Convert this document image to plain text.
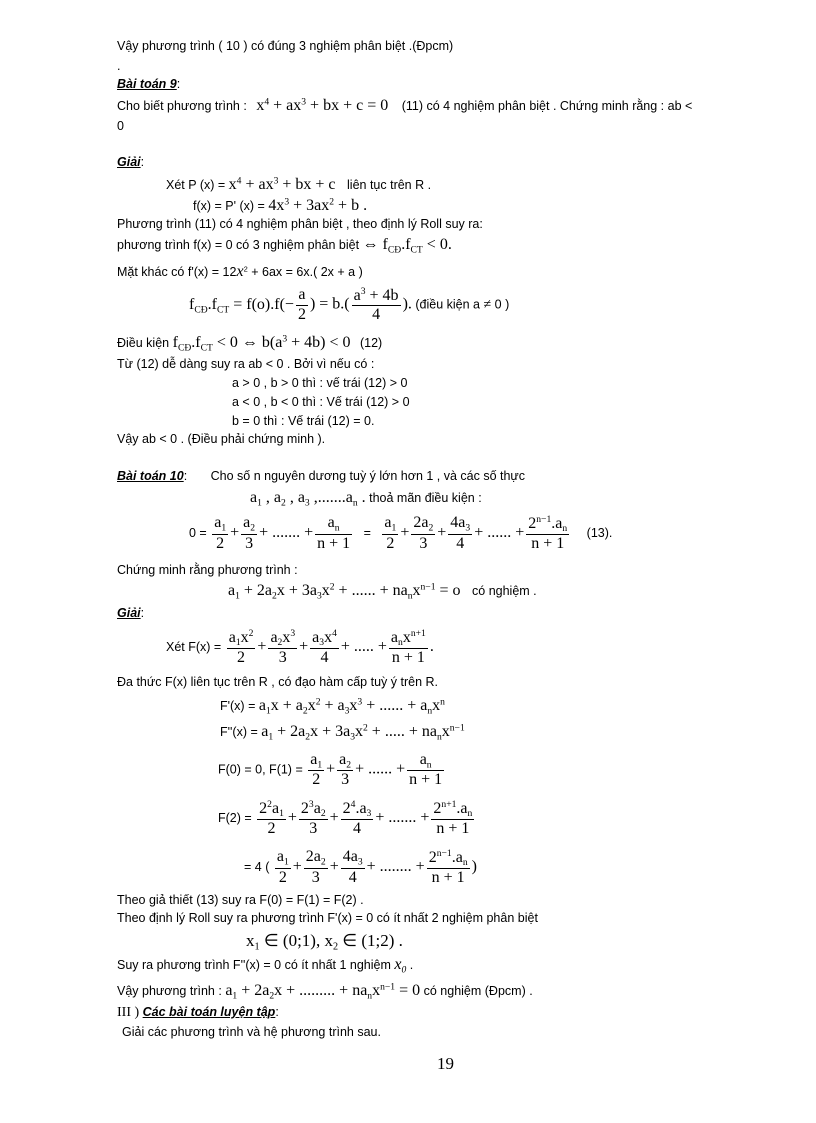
Vậy phương trình ( 10 ) có đúng 3 nghiệm phân biệt .(Đpcm)
.
Bài toán 9:
Cho biết phương trình : $x^4 + ax^3$ + bx + c = 0 (11) có 4 nghiệm phân biệt . Chứng minh rằng : ab <
0
Giải:
Xét P $(x) = x^4 + ax^3$ + bx + c liên tục trên R .
f(x) = P' $(x) = 4x^3 + 3ax^2 + b$ .
Phương trình (11) có 4 nghiệm phân biệt , theo định lý Roll suy ra:
phương trình f(x) = 0 có 3 nghiệm phân biệt ⇔ $f_{CĐ}.f_{CT} < 0$.
Mặt khác có $f'(x) = 12x^2 + 6ax = 6x$.( 2x + a )
$f_{CĐ}.f_{CT} = f(o).f(- \frac{a}{2}$ ) = $b.( \frac{a^3 + 4b}{4}$ ). (điều kiện a ≠ 0 )
Điều kiện $f_{CĐ}.f_{CT} < 0$ ⇔ $b(a^3 + 4b) < 0$ (12)
Từ (12) dễ dàng suy ra ab < 0 . Bởi vì nếu có :
a > 0 , b > 0 thì : vế trái (12) > 0
a < 0 , b < 0 thì : Vế trái (12) > 0
b = 0 thì : Vế trái (12) = 0.
Vậy ab < 0 . (Điều phải chứng minh ).
Bài toán 10: Cho số n nguyên dương tuỳ ý lớn hơn 1 , và các số thực
$a_1$ , $a_2$ , $a_3$ $,.......a_n$ . thoả mãn điều kiện :
$0 = \frac{a_1}{2} + \frac{a_2}{3}$ + ....... + $\frac{a_n}{n + 1} = \frac{a_1}{2} + \frac{2a_2}{3} + \frac{4a_3}{4}$ + ...... + $\frac{2^{n-1}.a_n}{n + 1} (13)$.
Chứng minh rằng phương trình :
$a_1 + 2a_2x + 3a_3x^2$ + ...... + $na_nx^{n-1} = o$ có nghiệm .
Giải:
Xét $F(x) = \frac{a_1x^2}{2} + \frac{a_2x^3}{3} + \frac{a_3x^4}{4}$ + ..... + $\frac{a_nx^{n+1}}{n + 1}$ .
Đa thức F(x) liên tục trên R , có đạo hàm cấp tuỳ ý trên R.
$F'(x) = a_1x + a_2x^2 + a_3x^3$ + ...... + $a_nx^n$
$F''(x) = a_1 + 2a_2x + 3a_3x^2$ + ..... + $na_nx^{n-1}$
F(0) = 0, $F(1) = \frac{a_1}{2} + \frac{a_2}{3}$ + ...... + $\frac{a_n}{n + 1}$
$F(2) = \frac{2^2a_1}{2} + \frac{2^3a_2}{3} + \frac{2^4.a_3}{4}$ + ....... + $\frac{2^{n+1}.a_n}{n + 1}$
= 4 ( $\frac{a_1}{2} + \frac{2a_2}{3} + \frac{4a_3}{4}$ + ........ + $\frac{2^{n-1}.a_n}{n + 1}$ )
Theo giả thiết (13) suy ra F(0) = F(1) = F(2) .
Theo định lý Roll suy ra phương trình F'(x) = 0 có ít nhất 2 nghiệm phân biệt
$x_1$ ∈ (0;1), $x_2$ ∈ (1;2) .
Suy ra phương trình F''(x) = 0 có ít nhất 1 nghiệm $x_0$ .
Vậy phương trình : $a_1 + 2a_2x$ + ......... + $na_nx^{n-1} = 0$ có nghiệm (Đpcm) .
III ) Các bài toán luyện tập:
Giải các phương trình và hệ phương trình sau.
19
